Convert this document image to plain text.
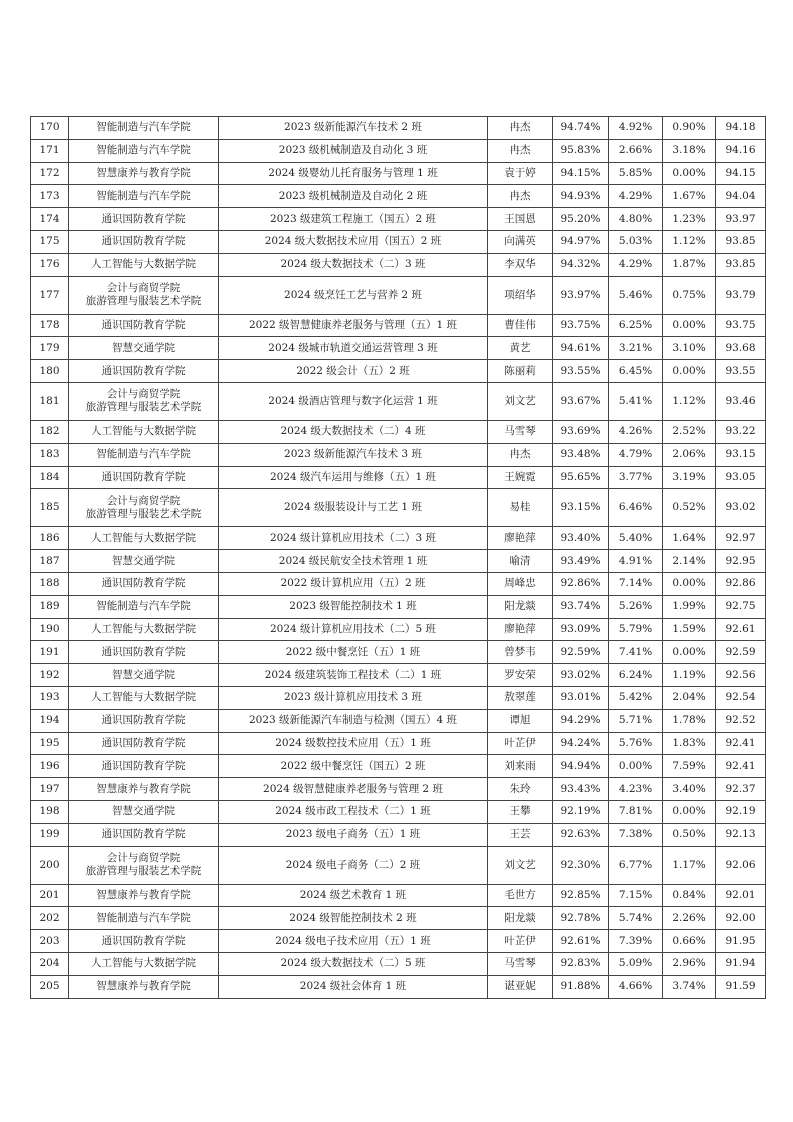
170	智能制造与汽车学院	2023 级新能源汽车技术 2 班	冉杰	94.74%	4.92%	0.90%	94.18
171	智能制造与汽车学院	2023 级机械制造及自动化 3 班	冉杰	95.83%	2.66%	3.18%	94.16
172	智慧康养与教育学院	2024 级婴幼儿托育服务与管理 1 班	袁于婷	94.15%	5.85%	0.00%	94.15
173	智能制造与汽车学院	2023 级机械制造及自动化 2 班	冉杰	94.93%	4.29%	1.67%	94.04
174	通识国防教育学院	2023 级建筑工程施工（国五）2 班	王国恩	95.20%	4.80%	1.23%	93.97
175	通识国防教育学院	2024 级大数据技术应用（国五）2 班	向满英	94.97%	5.03%	1.12%	93.85
176	人工智能与大数据学院	2024 级大数据技术（二）3 班	李双华	94.32%	4.29%	1.87%	93.85
177	会计与商贸学院
旅游管理与服装艺术学院	2024 级烹饪工艺与营养 2 班	项绍华	93.97%	5.46%	0.75%	93.79
178	通识国防教育学院	2022 级智慧健康养老服务与管理（五）1 班	曹佳伟	93.75%	6.25%	0.00%	93.75
179	智慧交通学院	2024 级城市轨道交通运营管理 3 班	黄艺	94.61%	3.21%	3.10%	93.68
180	通识国防教育学院	2022 级会计（五）2 班	陈丽莉	93.55%	6.45%	0.00%	93.55
181	会计与商贸学院
旅游管理与服装艺术学院	2024 级酒店管理与数字化运营 1 班	刘文艺	93.67%	5.41%	1.12%	93.46
182	人工智能与大数据学院	2024 级大数据技术（二）4 班	马雪琴	93.69%	4.26%	2.52%	93.22
183	智能制造与汽车学院	2023 级新能源汽车技术 3 班	冉杰	93.48%	4.79%	2.06%	93.15
184	通识国防教育学院	2024 级汽车运用与维修（五）1 班	王婉霓	95.65%	3.77%	3.19%	93.05
185	会计与商贸学院
旅游管理与服装艺术学院	2024 级服装设计与工艺 1 班	易桂	93.15%	6.46%	0.52%	93.02
186	人工智能与大数据学院	2024 级计算机应用技术（二）3 班	廖艳萍	93.40%	5.40%	1.64%	92.97
187	智慧交通学院	2024 级民航安全技术管理 1 班	喻清	93.49%	4.91%	2.14%	92.95
188	通识国防教育学院	2022 级计算机应用（五）2 班	周峰忠	92.86%	7.14%	0.00%	92.86
189	智能制造与汽车学院	2023 级智能控制技术 1 班	阳龙燚	93.74%	5.26%	1.99%	92.75
190	人工智能与大数据学院	2024 级计算机应用技术（二）5 班	廖艳萍	93.09%	5.79%	1.59%	92.61
191	通识国防教育学院	2022 级中餐烹饪（五）1 班	曾梦韦	92.59%	7.41%	0.00%	92.59
192	智慧交通学院	2024 级建筑装饰工程技术（二）1 班	罗安荣	93.02%	6.24%	1.19%	92.56
193	人工智能与大数据学院	2023 级计算机应用技术 3 班	敖翠莲	93.01%	5.42%	2.04%	92.54
194	通识国防教育学院	2023 级新能源汽车制造与检测（国五）4 班	谭旭	94.29%	5.71%	1.78%	92.52
195	通识国防教育学院	2024 级数控技术应用（五）1 班	叶芷伊	94.24%	5.76%	1.83%	92.41
196	通识国防教育学院	2022 级中餐烹饪（国五）2 班	刘来雨	94.94%	0.00%	7.59%	92.41
197	智慧康养与教育学院	2024 级智慧健康养老服务与管理 2 班	朱玲	93.43%	4.23%	3.40%	92.37
198	智慧交通学院	2024 级市政工程技术（二）1 班	王攀	92.19%	7.81%	0.00%	92.19
199	通识国防教育学院	2023 级电子商务（五）1 班	王芸	92.63%	7.38%	0.50%	92.13
200	会计与商贸学院
旅游管理与服装艺术学院	2024 级电子商务（二）2 班	刘文艺	92.30%	6.77%	1.17%	92.06
201	智慧康养与教育学院	2024 级艺术教育 1 班	毛世方	92.85%	7.15%	0.84%	92.01
202	智能制造与汽车学院	2024 级智能控制技术 2 班	阳龙燚	92.78%	5.74%	2.26%	92.00
203	通识国防教育学院	2024 级电子技术应用（五）1 班	叶芷伊	92.61%	7.39%	0.66%	91.95
204	人工智能与大数据学院	2024 级大数据技术（二）5 班	马雪琴	92.83%	5.09%	2.96%	91.94
205	智慧康养与教育学院	2024 级社会体育 1 班	谌亚妮	91.88%	4.66%	3.74%	91.59
